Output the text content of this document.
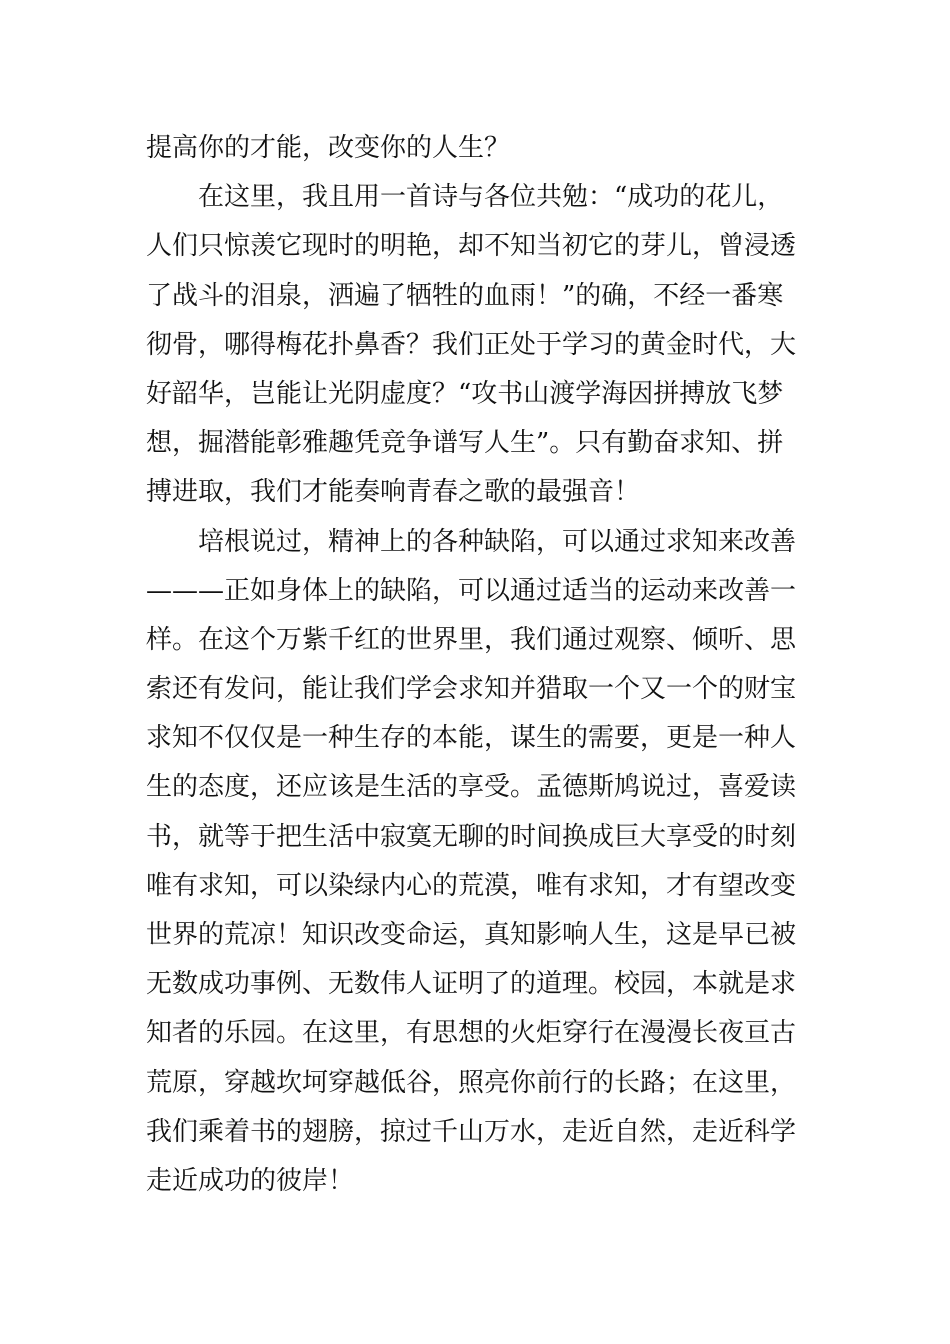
提高你的才能，改变你的人生？
在这里，我且用一首诗与各位共勉：“成功的花儿，
人们只惊羡它现时的明艳，却不知当初它的芽儿，曾浸透
了战斗的泪泉，洒遍了牺牲的血雨！”的确，不经一番寒
彻骨，哪得梅花扑鼻香？我们正处于学习的黄金时代，大
好韶华，岂能让光阴虚度？“攻书山渡学海因拼搏放飞梦
想，掘潜能彰雅趣凭竞争谱写人生”。只有勤奋求知、拼
搏进取，我们才能奏响青春之歌的最强音！
培根说过，精神上的各种缺陷，可以通过求知来改善
———正如身体上的缺陷，可以通过适当的运动来改善一
样。在这个万紫千红的世界里，我们通过观察、倾听、思
索还有发问，能让我们学会求知并猎取一个又一个的财宝
求知不仅仅是一种生存的本能，谋生的需要，更是一种人
生的态度，还应该是生活的享受。孟德斯鸠说过，喜爱读
书，就等于把生活中寂寞无聊的时间换成巨大享受的时刻
唯有求知，可以染绿内心的荒漠，唯有求知，才有望改变
世界的荒凉！知识改变命运，真知影响人生，这是早已被
无数成功事例、无数伟人证明了的道理。校园，本就是求
知者的乐园。在这里，有思想的火炬穿行在漫漫长夜亘古
荒原，穿越坎坷穿越低谷，照亮你前行的长路；在这里，
我们乘着书的翅膀，掠过千山万水，走近自然，走近科学
走近成功的彼岸！
